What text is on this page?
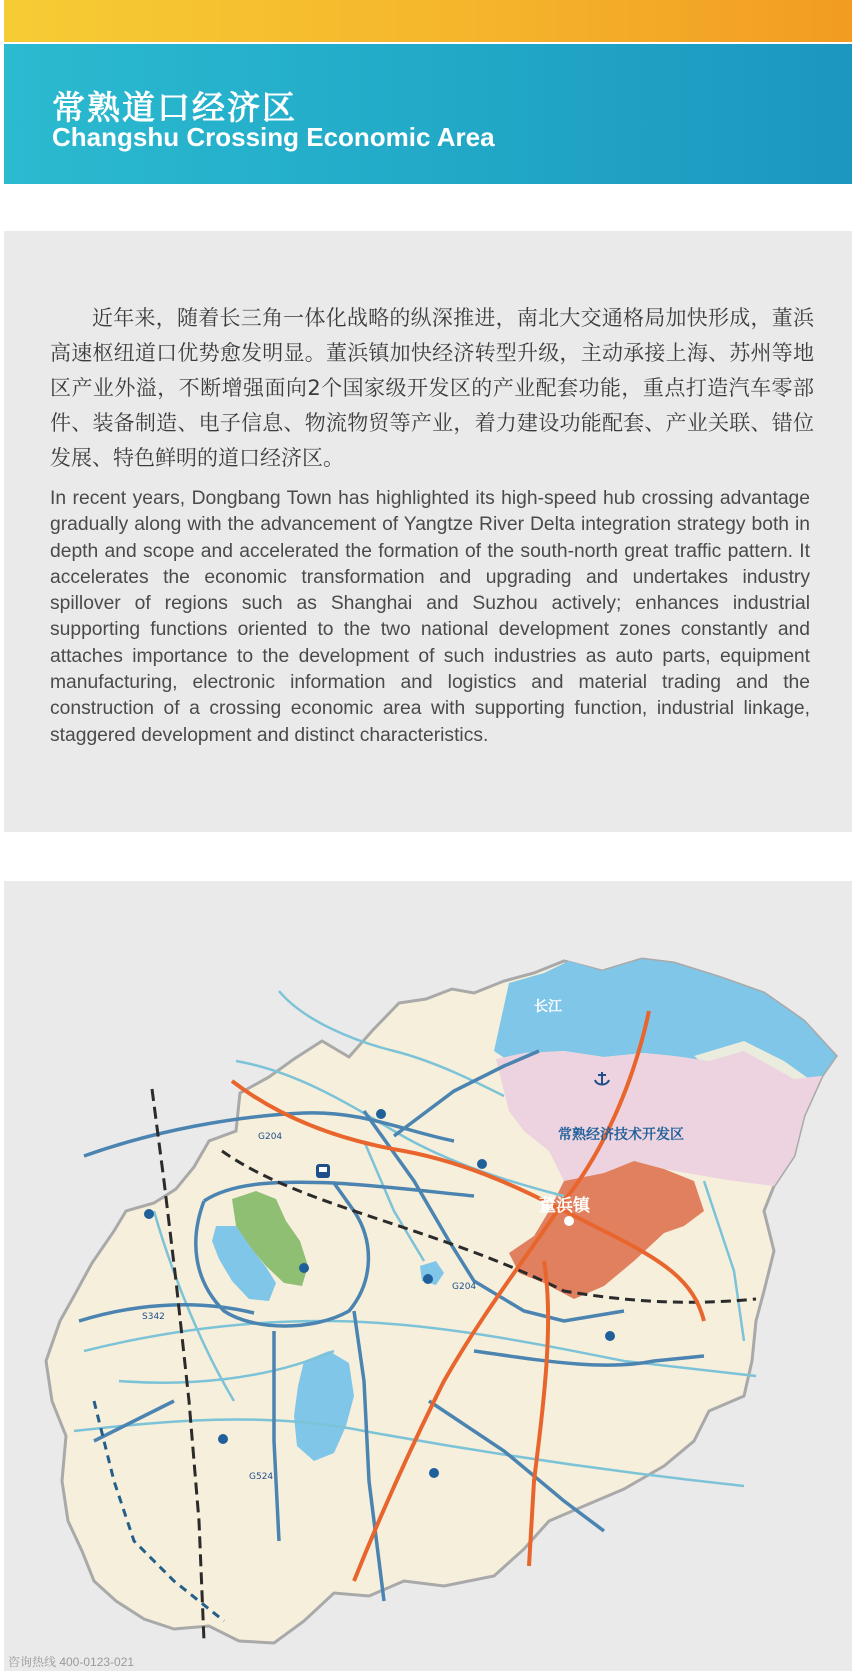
常熟道口经济区
Changshu Crossing Economic Area

近年来，随着长三角一体化战略的纵深推进，南北大交通格局加快形成，董浜高速枢纽道口优势愈发明显。董浜镇加快经济转型升级，主动承接上海、苏州等地区产业外溢，不断增强面向2个国家级开发区的产业配套功能，重点打造汽车零部件、装备制造、电子信息、物流物贸等产业，着力建设功能配套、产业关联、错位发展、特色鲜明的道口经济区。

In recent years, Dongbang Town has highlighted its high-speed hub crossing advantage gradually along with the advancement of Yangtze River Delta integration strategy both in depth and scope and accelerated the formation of the south-north great traffic pattern. It accelerates the economic transformation and upgrading and undertakes industry spillover of regions such as Shanghai and Suzhou actively; enhances industrial supporting functions oriented to the two national development zones constantly and attaches importance to the development of such industries as auto parts, equipment manufacturing, electronic information and logistics and material trading and the construction of a crossing economic area with supporting function, industrial linkage, staggered development and distinct characteristics.

长江
常熟经济技术开发区
董浜镇
G204
G204
S342
G524
咨询热线 400-0123-021
